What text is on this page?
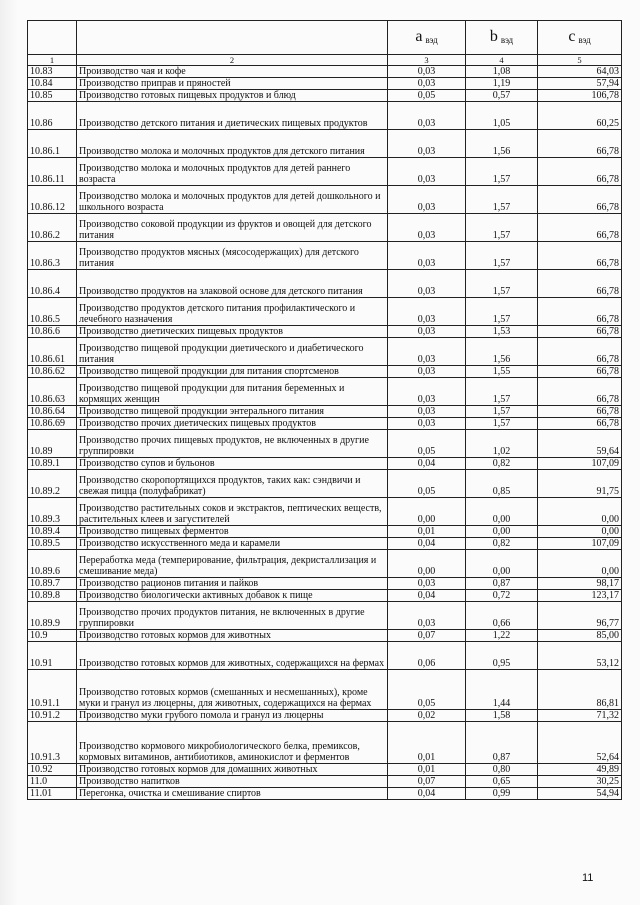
		a $_{вэд}$	b $_{вэд}$	c $_{вэд}$
1	2	3	4	5
10.83	Производство чая и кофе	0,03	1,08	64,03
10.84	Производство приправ и пряностей	0,03	1,19	57,94
10.85	Производство готовых пищевых продуктов и блюд	0,05	0,57	106,78
10.86	Производство детского питания и диетических пищевых продуктов	0,03	1,05	60,25
10.86.1	Производство молока и молочных продуктов для детского питания	0,03	1,56	66,78
10.86.11	Производство молока и молочных продуктов для детей раннего возраста	0,03	1,57	66,78
10.86.12	Производство молока и молочных продуктов для детей дошкольного и школьного возраста	0,03	1,57	66,78
10.86.2	Производство соковой продукции из фруктов и овощей для детского питания	0,03	1,57	66,78
10.86.3	Производство продуктов мясных (мясосодержащих) для детского питания	0,03	1,57	66,78
10.86.4	Производство продуктов на злаковой основе для детского питания	0,03	1,57	66,78
10.86.5	Производство продуктов детского питания профилактического и лечебного назначения	0,03	1,57	66,78
10.86.6	Производство диетических пищевых продуктов	0,03	1,53	66,78
10.86.61	Производство пищевой продукции диетического и диабетического питания	0,03	1,56	66,78
10.86.62	Производство пищевой продукции для питания спортсменов	0,03	1,55	66,78
10.86.63	Производство пищевой продукции для питания беременных и кормящих женщин	0,03	1,57	66,78
10.86.64	Производство пищевой продукции энтерального питания	0,03	1,57	66,78
10.86.69	Производство прочих диетических пищевых продуктов	0,03	1,57	66,78
10.89	Производство прочих пищевых продуктов, не включенных в другие группировки	0,05	1,02	59,64
10.89.1	Производство супов и бульонов	0,04	0,82	107,09
10.89.2	Производство скоропортящихся продуктов, таких как: сэндвичи и свежая пицца (полуфабрикат)	0,05	0,85	91,75
10.89.3	Производство растительных соков и экстрактов, пептических веществ, растительных клеев и загустителей	0,00	0,00	0,00
10.89.4	Производство пищевых ферментов	0,01	0,00	0,00
10.89.5	Производство искусственного меда и карамели	0,04	0,82	107,09
10.89.6	Переработка меда (темперирование, фильтрация, декристаллизация и смешивание меда)	0,00	0,00	0,00
10.89.7	Производство рационов питания и пайков	0,03	0,87	98,17
10.89.8	Производство биологически активных добавок к пище	0,04	0,72	123,17
10.89.9	Производство прочих продуктов питания, не включенных в другие группировки	0,03	0,66	96,77
10.9	Производство готовых кормов для животных	0,07	1,22	85,00
10.91	Производство готовых кормов для животных, содержащихся на фермах	0,06	0,95	53,12
10.91.1	Производство готовых кормов (смешанных и несмешанных), кроме муки и гранул из люцерны, для животных, содержащихся на фермах	0,05	1,44	86,81
10.91.2	Производство муки грубого помола и гранул из люцерны	0,02	1,58	71,32
10.91.3	Производство кормового микробиологического белка, премиксов, кормовых витаминов, антибиотиков, аминокислот и ферментов	0,01	0,87	52,64
10.92	Производство готовых кормов для домашних животных	0,01	0,80	49,89
11.0	Производство напитков	0,07	0,65	30,25
11.01	Перегонка, очистка и смешивание спиртов	0,04	0,99	54,94
11
